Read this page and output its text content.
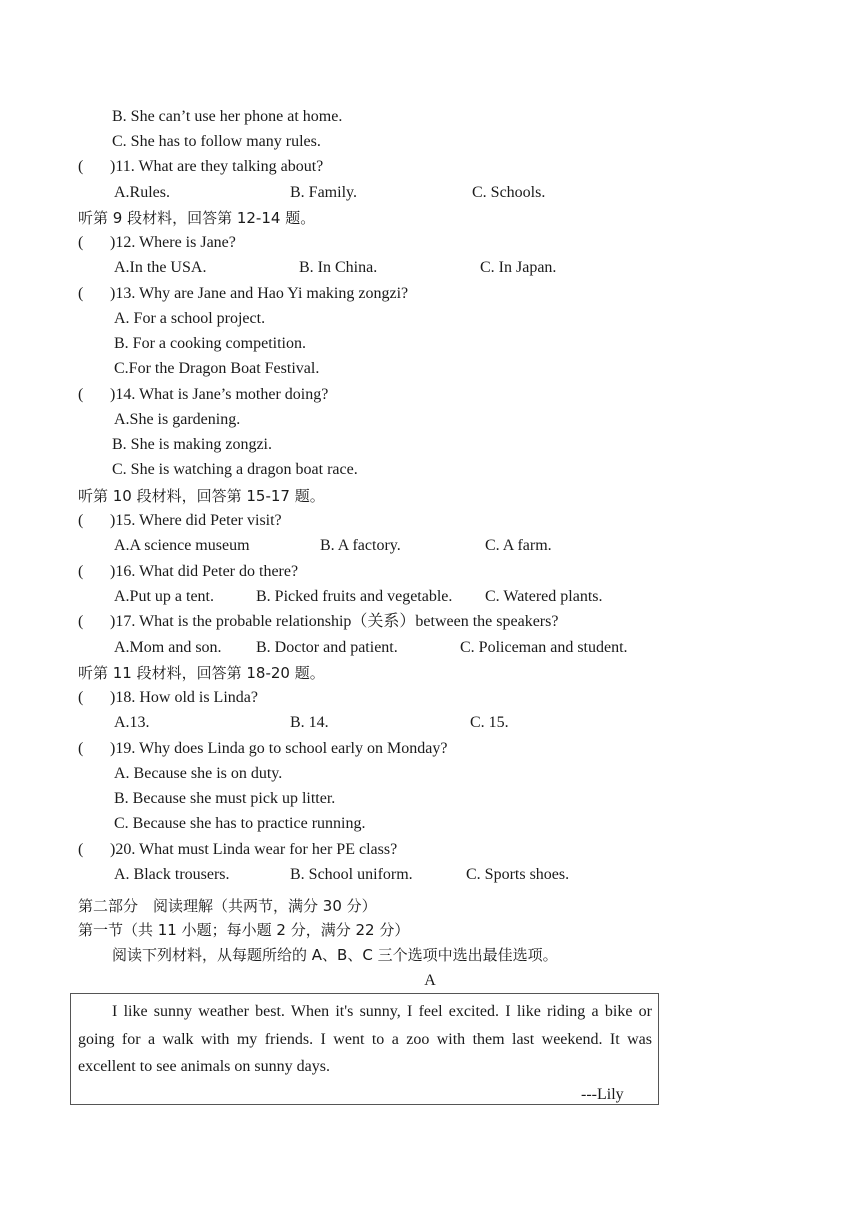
B. She can’t use her phone at home.
C. She has to follow many rules.
( )11. What are they talking about?
A.Rules.	B. Family.	C. Schools.
听第 9 段材料，回答第 12-14 题。
( )12. Where is Jane?
A.In the USA.	B. In China.	C. In Japan.
( )13. Why are Jane and Hao Yi making zongzi?
A. For a school project.
B. For a cooking competition.
C.For the Dragon Boat Festival.
( )14. What is Jane’s mother doing?
A.She is gardening.
B. She is making zongzi.
C. She is watching a dragon boat race.
听第 10 段材料，回答第 15-17 题。
( )15. Where did Peter visit?
A.A science museum	B. A factory.	C. A farm.
( )16. What did Peter do there?
A.Put up a tent.	B. Picked fruits and vegetable. C. Watered plants.
( )17. What is the probable relationship（关系）between the speakers?
A.Mom and son. B. Doctor and patient.	C. Policeman and student.
听第 11 段材料，回答第 18-20 题。
( )18. How old is Linda?
A.13.	B. 14.	C. 15.
( )19. Why does Linda go to school early on Monday?
A. Because she is on duty.
B. Because she must pick up litter.
C. Because she has to practice running.
( )20. What must Linda wear for her PE class?
A. Black trousers.	B. School uniform.	C. Sports shoes.
第二部分　阅读理解（共两节，满分 30 分）
第一节（共 11 小题；每小题 2 分，满分 22 分）
阅读下列材料，从每题所给的 A、B、C 三个选项中选出最佳选项。
A
I like sunny weather best. When it's sunny, I feel excited. I like riding a bike or going for a walk with my friends. I went to a zoo with them last weekend. It was excellent to see animals on sunny days.
---Lily
